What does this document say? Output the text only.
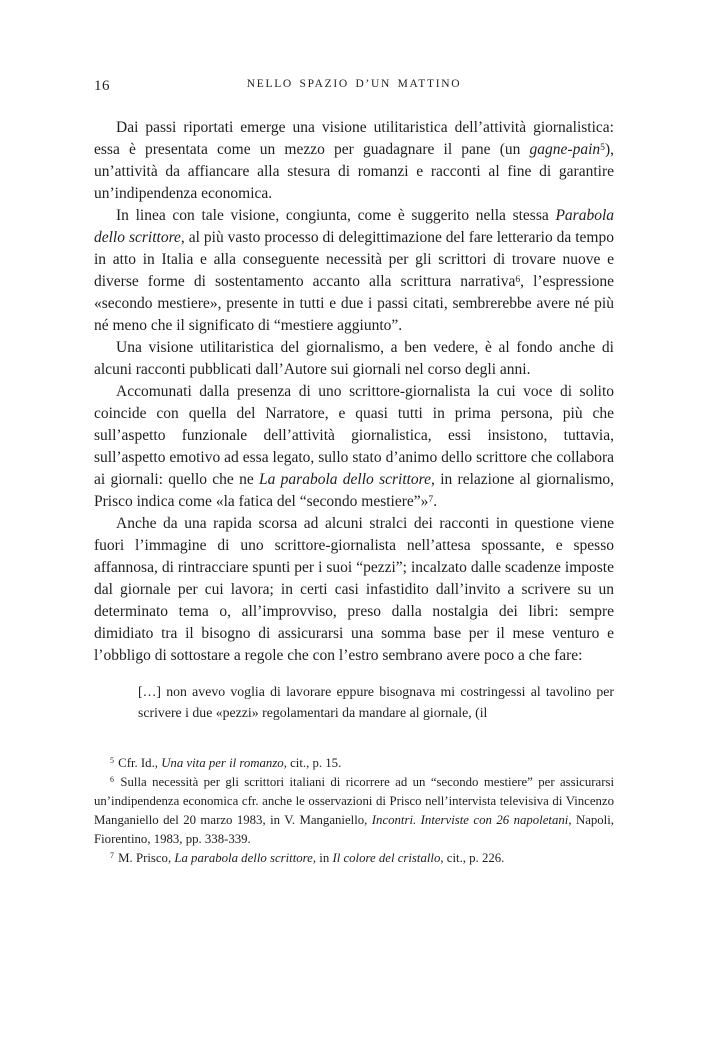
16	NELLO SPAZIO D’UN MATTINO

Dai passi riportati emerge una visione utilitaristica dell’attività giornalistica: essa è presentata come un mezzo per guadagnare il pane (un gagne-pain$^5$), un’attività da affiancare alla stesura di romanzi e racconti al fine di garantire un’indipendenza economica.

In linea con tale visione, congiunta, come è suggerito nella stessa Parabola dello scrittore, al più vasto processo di delegittimazione del fare letterario da tempo in atto in Italia e alla conseguente necessità per gli scrittori di trovare nuove e diverse forme di sostentamento accanto alla scrittura narrativa$^6$, l’espressione «secondo mestiere», presente in tutti e due i passi citati, sembrerebbe avere né più né meno che il significato di “mestiere aggiunto”.

Una visione utilitaristica del giornalismo, a ben vedere, è al fondo anche di alcuni racconti pubblicati dall’Autore sui giornali nel corso degli anni.

Accomunati dalla presenza di uno scrittore-giornalista la cui voce di solito coincide con quella del Narratore, e quasi tutti in prima persona, più che sull’aspetto funzionale dell’attività giornalistica, essi insistono, tuttavia, sull’aspetto emotivo ad essa legato, sullo stato d’animo dello scrittore che collabora ai giornali: quello che ne La parabola dello scrittore, in relazione al giornalismo, Prisco indica come «la fatica del “secondo mestiere”»$^7$.

Anche da una rapida scorsa ad alcuni stralci dei racconti in questione viene fuori l’immagine di uno scrittore-giornalista nell’attesa spossante, e spesso affannosa, di rintracciare spunti per i suoi “pezzi”; incalzato dalle scadenze imposte dal giornale per cui lavora; in certi casi infastidito dall’invito a scrivere su un determinato tema o, all’improvviso, preso dalla nostalgia dei libri: sempre dimidiato tra il bisogno di assicurarsi una somma base per il mese venturo e l’obbligo di sottostare a regole che con l’estro sembrano avere poco a che fare:

[…] non avevo voglia di lavorare eppure bisognava mi costringessi al tavolino per scrivere i due «pezzi» regolamentari da mandare al giornale, (il

$^5$ Cfr. Id., Una vita per il romanzo, cit., p. 15.

$^6$ Sulla necessità per gli scrittori italiani di ricorrere ad un “secondo mestiere” per assicurarsi un’indipendenza economica cfr. anche le osservazioni di Prisco nell’intervista televisiva di Vincenzo Manganiello del 20 marzo 1983, in V. Manganiello, Incontri. Interviste con 26 napoletani, Napoli, Fiorentino, 1983, pp. 338-339.

$^7$ M. Prisco, La parabola dello scrittore, in Il colore del cristallo, cit., p. 226.
